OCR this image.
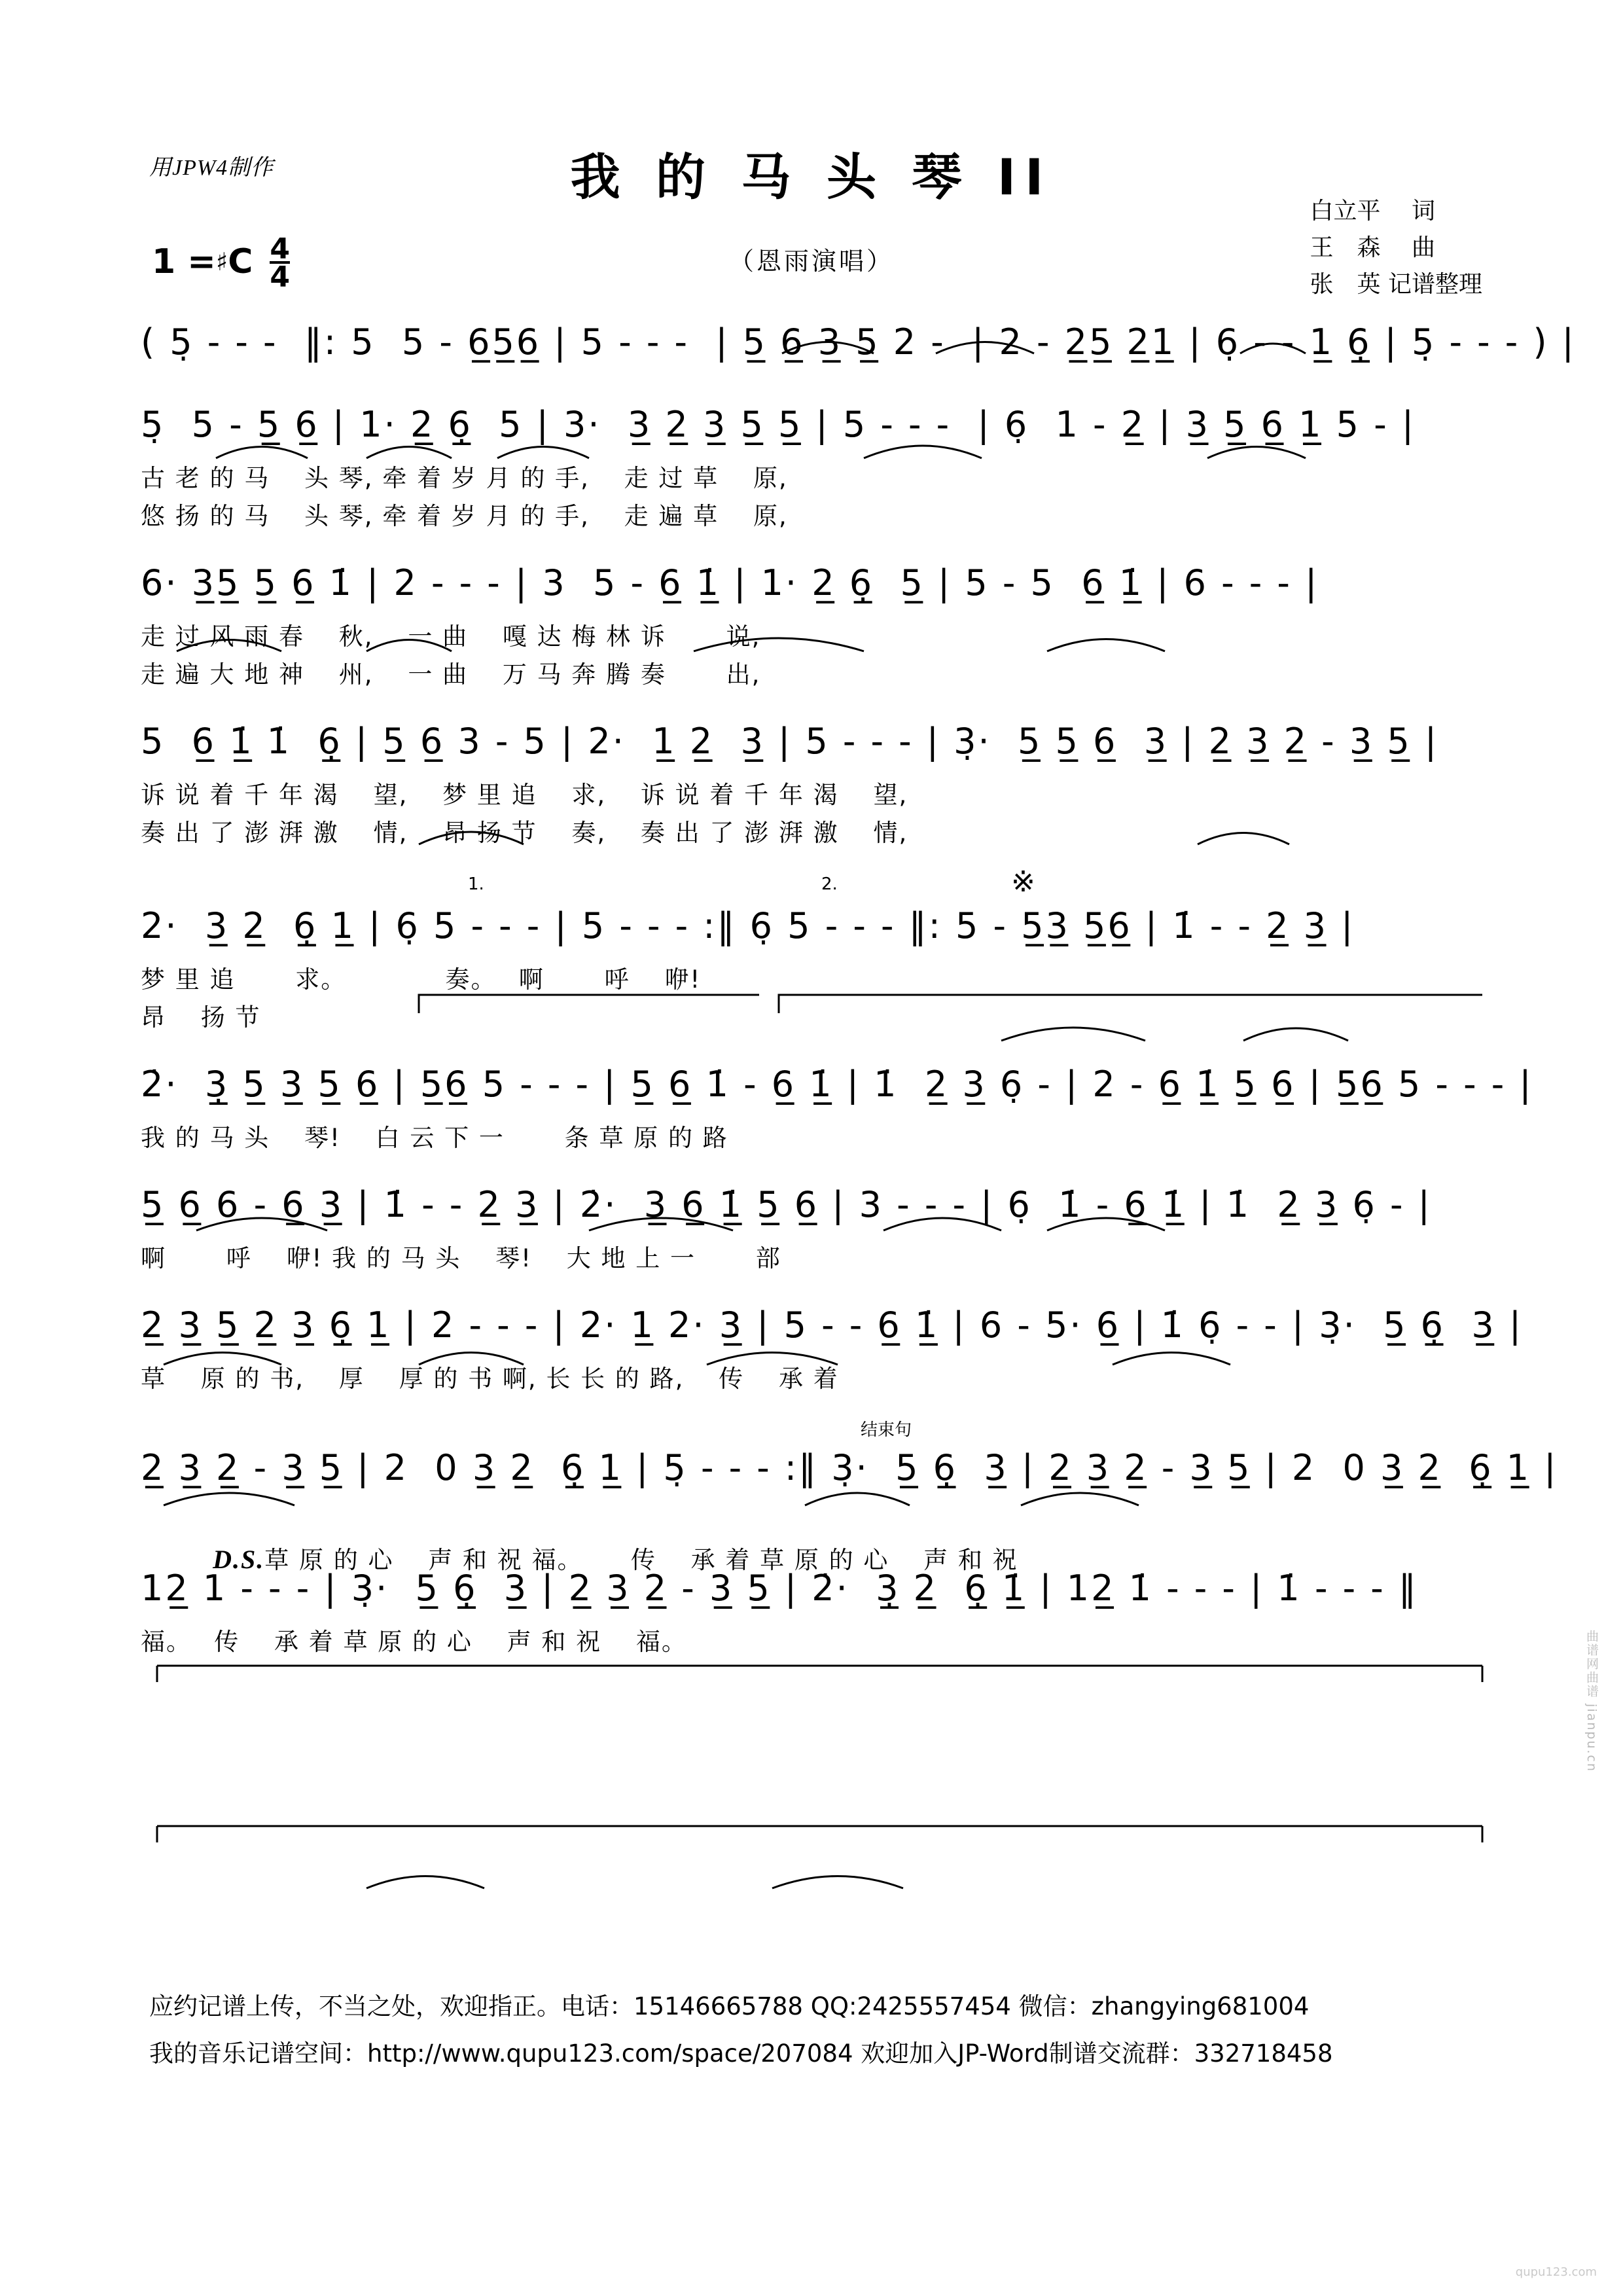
用JPW4制作	我 的 马 头 琴 II
（恩雨演唱）
白立平　 词
王　森　 曲
张　英 记谱整理
1 = ♯ C $\frac{4}{4}$
( 5̣ - - -  ‖: 5  5 - 6̲5̲6̲ | 5 - - -  | 5̲ 6̲ 3̲ 5̲ 2 -  | 2 - 2̲5̲ 2̲1̲ | 6̣ - - 1̲ 6̣̲ | 5̣ - - - ) |
5̣  5 - 5̲ 6̲ | 1· 2̲ 6̣̲  5 | 3·  3̲ 2̲ 3̲ 5̲ 5̲ | 5 - - -  | 6̣  1 - 2̲ | 3̲ 5̲ 6̲ 1̲ 5 - |
古 老 的 马　 头 琴, 牵 着 岁 月 的 手,　 走 过 草　 原,
悠 扬 的 马　 头 琴, 牵 着 岁 月 的 手,　 走 遍 草　 原,
6· 3̲5̲ 5̲ 6̲ 1̇ | 2 - - - | 3  5 - 6̲ 1̲̇ | 1· 2̲ 6̣̲  5̲ | 5 - 5  6̲ 1̲̇ | 6 - - - |
走 过 风 雨 春　 秋,　 一 曲　 嘎 达 梅 林 诉　　 说,
走 遍 大 地 神　 州,　 一 曲　 万 马 奔 腾 奏　　 出,
5  6̲ 1̲̇ 1̇  6̣̲ | 5̲ 6̲ 3 - 5 | 2·  1̲ 2̲  3̲ | 5 - - - | 3̣·  5̲ 5̲ 6̲  3̲ | 2̲ 3̲ 2̲ - 3̲ 5̲ |
诉 说 着 千 年 渴　 望,　 梦 里 追　 求,　 诉 说 着 千 年 渴　 望,
奏 出 了 澎 湃 激　 情,　 昂 扬 节　 奏,　 奏 出 了 澎 湃 激　 情,
1.	2.	※
2·  3̲ 2̲  6̣̲ 1̲ | 6̣ 5 - - - | 5 - - - :‖ 6̣ 5 - - - ‖: 5 - 5̲3̲ 5̲6̲ | 1̇ - - 2̲ 3̲ |
梦 里 追　　 求。　　　　 奏。　 啊　　 呼　 咿!
昂　 扬 节
2̇·  3̲̣ 5̲ 3̲ 5̲ 6̲ | 5̲6̲ 5 - - - | 5̲ 6̲ 1̇ - 6̲ 1̲̇ | 1̇  2̲ 3̲ 6̣ - | 2 - 6̲ 1̲̇ 5̲ 6̲ | 5̲6̲ 5 - - - |
我 的 马 头　 琴!　 白 云 下 一　　 条 草 原 的 路
5̲ 6̲ 6 - 6̲ 3̲ | 1̇ - - 2̲ 3̲ | 2̇·  3̲ 6̲ 1̲̇ 5̲ 6̲ | 3 - - - | 6̣  1̇ - 6̲ 1̲̇ | 1̇  2̲ 3̲ 6̣ - |
啊　　 呼　 咿! 我 的 马 头　 琴!　 大 地 上 一　　 部
2̲ 3̲ 5̲ 2̲ 3̲ 6̣̲ 1̲ | 2 - - - | 2· 1̲ 2· 3̲ | 5 - - 6̲ 1̲̇ | 6 - 5· 6̲ | 1̇ 6̣ - - | 3̣·  5̲ 6̣̲  3̲ |
草　 原 的 书,　 厚　 厚 的 书 啊, 长 长 的 路,　 传　 承 着
结束句
2̲ 3̲ 2̲ - 3̲ 5̲ | 2  0 3̲ 2̲  6̣̲ 1̲ | 5̣ - - - :‖ 3̣·  5̲ 6̣̲  3̲ | 2̲ 3̲ 2̲ - 3̲ 5̲ | 2  0 3̲ 2̲  6̣̲ 1̲ |

D.S.草 原 的 心　 声 和 祝 福。　　 传　 承 着 草 原 的 心　 声 和 祝

12̲ 1 - - - | 3̣·  5̲ 6̣̲  3̲ | 2̲ 3̲ 2̲ - 3̲ 5̲ | 2̇·  3̲̣ 2̲  6̣̲ 1̲̇ | 12̲ 1̇ - - - | 1̇ - - - ‖
福。　 传　 承 着 草 原 的 心　 声 和 祝　 福。
应约记谱上传，不当之处，欢迎指正。电话：15146665788 QQ:2425557454 微信：zhangying681004
我的音乐记谱空间：http://www.qupu123.com/space/207084 欢迎加入JP-Word制谱交流群：332718458
曲谱网曲谱 jianpu.cn
qupu123.com
